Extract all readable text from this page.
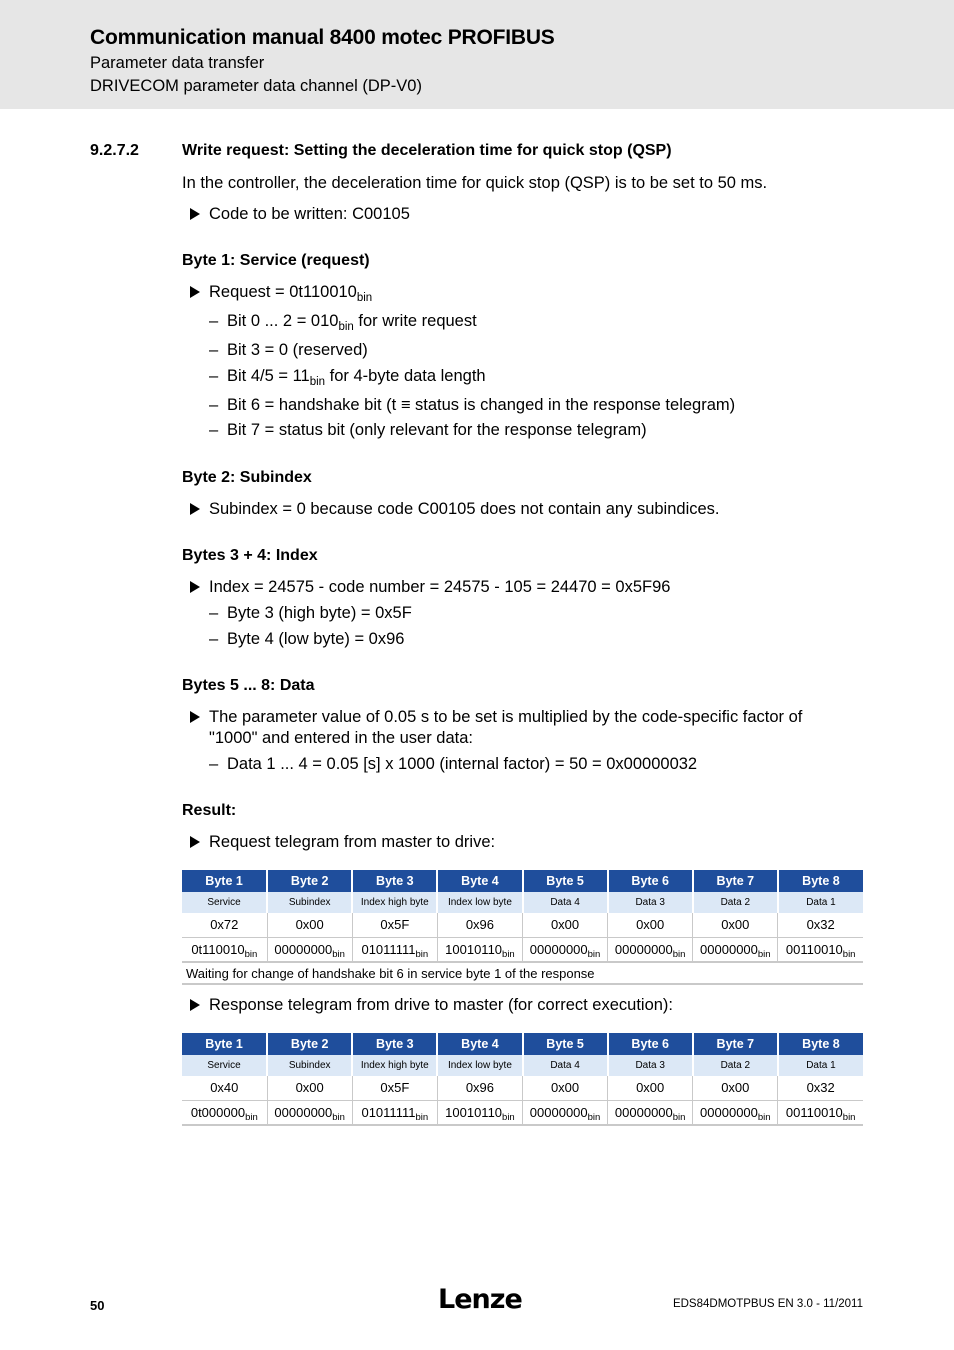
Communication manual 8400 motec PROFIBUS
Parameter data transfer
DRIVECOM parameter data channel (DP-V0)
9.2.7.2	Write request: Setting the deceleration time for quick stop (QSP)
In the controller, the deceleration time for quick stop (QSP) is to be set to 50 ms.
Code to be written: C00105
Byte 1: Service (request)
Request = $0t110010_{bin}$
– Bit 0 ... $2 = 010_{bin}$ for write request
– Bit 3 = 0 (reserved)
– Bit $4/5 = 11_{bin}$ for 4-byte data length
– Bit 6 = handshake bit (t ≡ status is changed in the response telegram)
– Bit 7 = status bit (only relevant for the response telegram)
Byte 2: Subindex
Subindex = 0 because code C00105 does not contain any subindices.
Bytes 3 + 4: Index
Index = 24575 - code number = 24575 - 105 = 24470 = 0x5F96
– Byte 3 (high byte) = 0x5F
– Byte 4 (low byte) = 0x96
Bytes 5 ... 8: Data
The parameter value of 0.05 s to be set is multiplied by the code-specific factor of
"1000" and entered in the user data:
– Data 1 ... 4 = 0.05 [s] x 1000 (internal factor) = 50 = 0x00000032
Result:
Request telegram from master to drive:
Byte 1	Byte 2	Byte 3	Byte 4	Byte 5	Byte 6	Byte 7	Byte 8
Service	Subindex	Index high byte	Index low byte	Data 4	Data 3	Data 2	Data 1
0x72	0x00	0x5F	0x96	0x00	0x00	0x00	0x32
$0t110010_{bin}$	$00000000_{bin}$	$01011111_{bin}$	$10010110_{bin}$	$00000000_{bin}$	$00000000_{bin}$	$00000000_{bin}$	$00110010_{bin}$
Waiting for change of handshake bit 6 in service byte 1 of the response							
Response telegram from drive to master (for correct execution):
Byte 1	Byte 2	Byte 3	Byte 4	Byte 5	Byte 6	Byte 7	Byte 8
Service	Subindex	Index high byte	Index low byte	Data 4	Data 3	Data 2	Data 1
0x40	0x00	0x5F	0x96	0x00	0x00	0x00	0x32
$0t000000_{bin}$	$00000000_{bin}$	$01011111_{bin}$	$10010110_{bin}$	$00000000_{bin}$	$00000000_{bin}$	$00000000_{bin}$	$00110010_{bin}$
50	Lenze	EDS84DMOTPBUS EN 3.0 - 11/2011
